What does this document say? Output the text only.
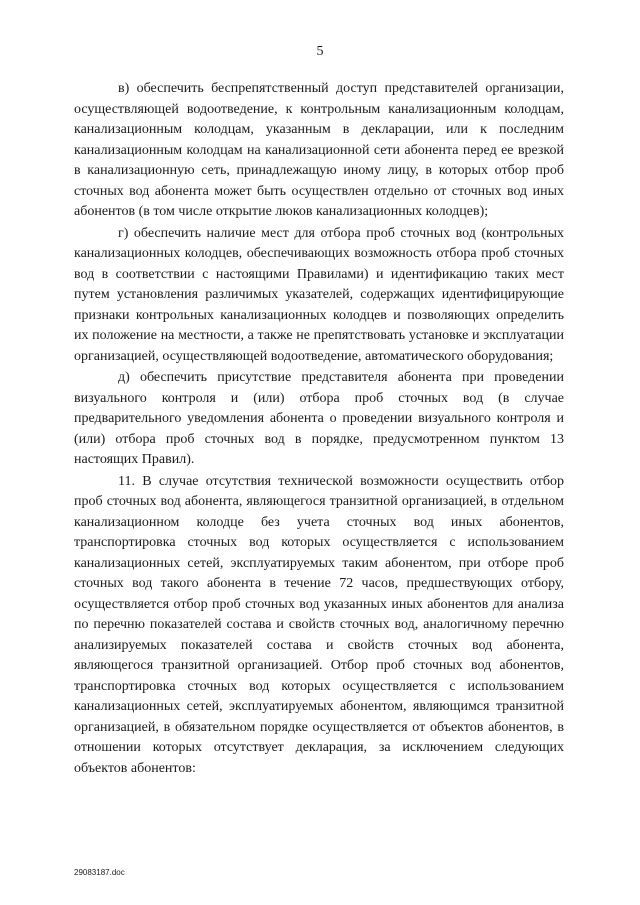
5

в) обеспечить беспрепятственный доступ представителей организации, осуществляющей водоотведение, к контрольным канализационным колодцам, канализационным колодцам, указанным в декларации, или к последним канализационным колодцам на канализационной сети абонента перед ее врезкой в канализационную сеть, принадлежащую иному лицу, в которых отбор проб сточных вод абонента может быть осуществлен отдельно от сточных вод иных абонентов (в том числе открытие люков канализационных колодцев);

г) обеспечить наличие мест для отбора проб сточных вод (контрольных канализационных колодцев, обеспечивающих возможность отбора проб сточных вод в соответствии с настоящими Правилами) и идентификацию таких мест путем установления различимых указателей, содержащих идентифицирующие признаки контрольных канализационных колодцев и позволяющих определить их положение на местности, а также не препятствовать установке и эксплуатации организацией, осуществляющей водоотведение, автоматического оборудования;

д) обеспечить присутствие представителя абонента при проведении визуального контроля и (или) отбора проб сточных вод (в случае предварительного уведомления абонента о проведении визуального контроля и (или) отбора проб сточных вод в порядке, предусмотренном пунктом 13 настоящих Правил).

11. В случае отсутствия технической возможности осуществить отбор проб сточных вод абонента, являющегося транзитной организацией, в отдельном канализационном колодце без учета сточных вод иных абонентов, транспортировка сточных вод которых осуществляется с использованием канализационных сетей, эксплуатируемых таким абонентом, при отборе проб сточных вод такого абонента в течение 72 часов, предшествующих отбору, осуществляется отбор проб сточных вод указанных иных абонентов для анализа по перечню показателей состава и свойств сточных вод, аналогичному перечню анализируемых показателей состава и свойств сточных вод абонента, являющегося транзитной организацией. Отбор проб сточных вод абонентов, транспортировка сточных вод которых осуществляется с использованием канализационных сетей, эксплуатируемых абонентом, являющимся транзитной организацией, в обязательном порядке осуществляется от объектов абонентов, в отношении которых отсутствует декларация, за исключением следующих объектов абонентов:

29083187.doc
